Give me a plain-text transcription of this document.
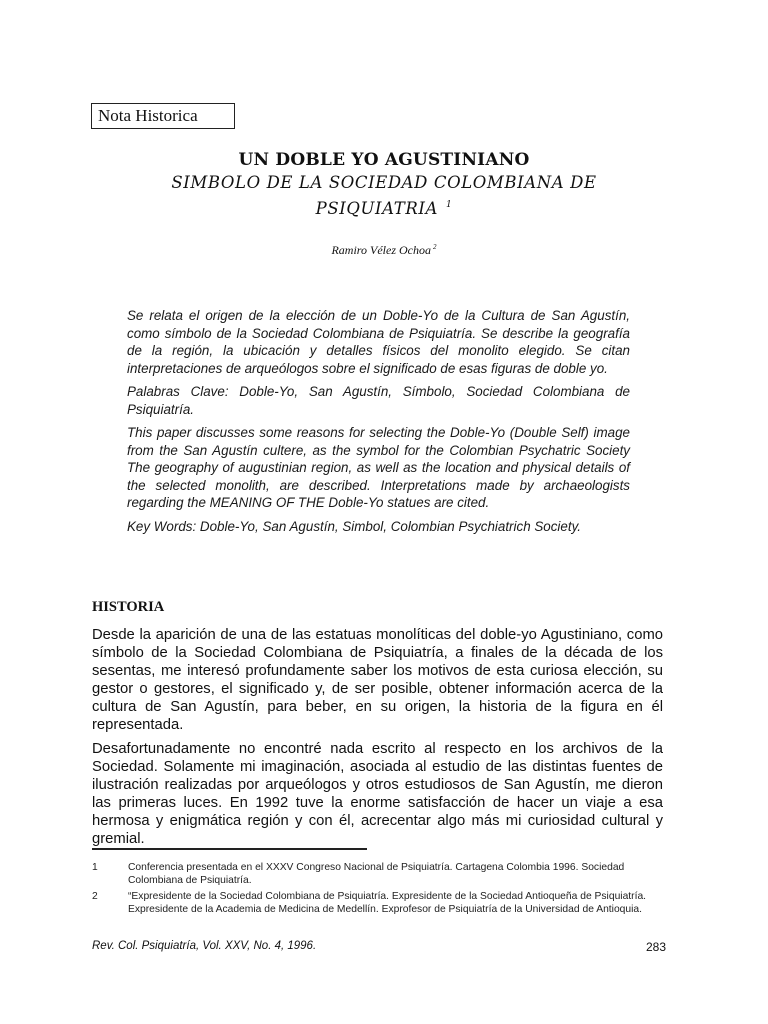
Nota Historica
UN DOBLE YO AGUSTINIANO
SIMBOLO DE LA SOCIEDAD COLOMBIANA DE
PSIQUIATRIA $^1$
Ramiro Vélez Ochoa $^2$

Se relata el origen de la elección de un Doble-Yo de la Cultura de San Agustín, como símbolo de la Sociedad Colombiana de Psiquiatría. Se describe la geografía de la región, la ubicación y detalles físicos del monolito elegido. Se citan interpretaciones de arqueólogos sobre el significado de esas figuras de doble yo.

Palabras Clave: Doble-Yo, San Agustín, Símbolo, Sociedad Colombiana de Psiquiatría.

This paper discusses some reasons for selecting the Doble-Yo (Double Self) image from the San Agustín cultere, as the symbol for the Colombian Psychatric Society The geography of augustinian region, as well as the location and physical details of the selected monolith, are described. Interpretations made by archaeologists regarding the MEANING OF THE Doble-Yo statues are cited.

Key Words: Doble-Yo, San Agustín, Simbol, Colombian Psychiatrich Society.

HISTORIA

Desde la aparición de una de las estatuas monolíticas del doble-yo Agustiniano, como símbolo de la Sociedad Colombiana de Psiquiatría, a finales de la década de los sesentas, me interesó profundamente saber los motivos de esta curiosa elección, su gestor o gestores, el significado y, de ser posible, obtener información acerca de la cultura de San Agustín, para beber, en su origen, la historia de la figura en él representada.

Desafortunadamente no encontré nada escrito al respecto en los archivos de la Sociedad. Solamente mi imaginación, asociada al estudio de las distintas fuentes de ilustración realizadas por arqueólogos y otros estudiosos de San Agustín, me dieron las primeras luces. En 1992 tuve la enorme satisfacción de hacer un viaje a esa hermosa y enigmática región y con él, acrecentar algo más mi curiosidad cultural y gremial.

1	Conferencia presentada en el XXXV Congreso Nacional de Psiquiatría. Cartagena Colombia 1996. Sociedad Colombiana de Psiquiatría.
2	“Expresidente de la Sociedad Colombiana de Psiquiatría. Expresidente de la Sociedad Antioqueña de Psiquiatría. Expresidente de la Academia de Medicina de Medellín. Exprofesor de Psiquiatría de la Universidad de Antioquia.
Rev. Col. Psiquiatría, Vol. XXV, No. 4, 1996.	283
